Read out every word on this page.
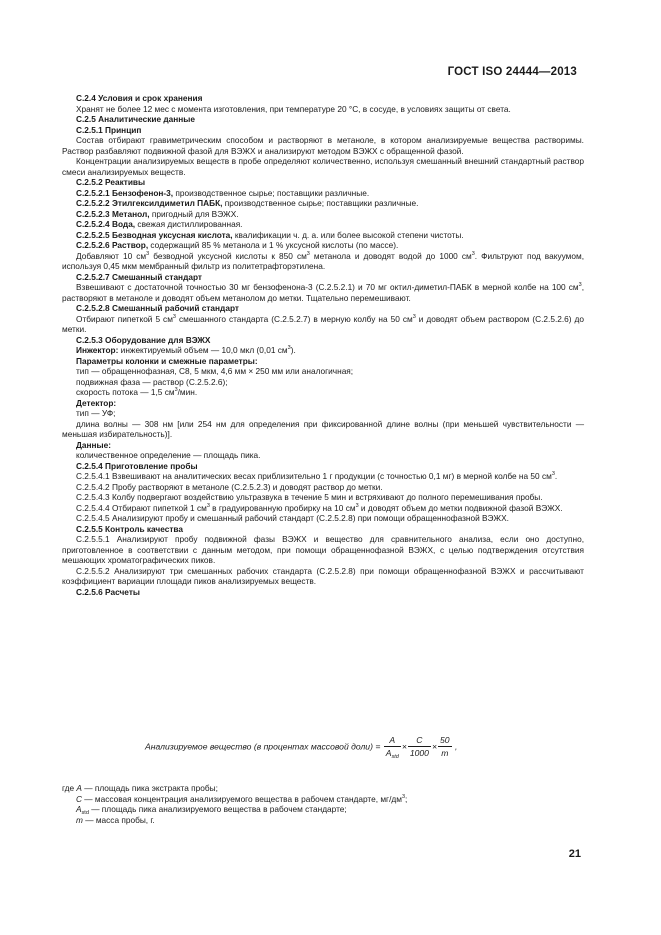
ГОСТ ISO 24444—2013

С.2.4 Условия и срок хранения

Хранят не более 12 мес с момента изготовления, при температуре 20 °С, в сосуде, в условиях защиты от света.

С.2.5 Аналитические данные

С.2.5.1 Принцип

Состав отбирают гравиметрическим способом и растворяют в метаноле, в котором анализируемые вещества растворимы. Раствор разбавляют подвижной фазой для ВЭЖХ и анализируют методом ВЭЖХ с обращенной фазой.

Концентрации анализируемых веществ в пробе определяют количественно, используя смешанный внешний стандартный раствор смеси анализируемых веществ.

С.2.5.2 Реактивы

С.2.5.2.1 Бензофенон-3, производственное сырье; поставщики различные.

С.2.5.2.2 Этилгексилдиметил ПАБК, производственное сырье; поставщики различные.

С.2.5.2.3 Метанол, пригодный для ВЭЖХ.

С.2.5.2.4 Вода, свежая дистиллированная.

С.2.5.2.5 Безводная уксусная кислота, квалификации ч. д. а. или более высокой степени чистоты.

С.2.5.2.6 Раствор, содержащий 85 % метанола и 1 % уксусной кислоты (по массе).

Добавляют 10 $см^3$ безводной уксусной кислоты к 850 $см^3$ метанола и доводят водой до 1000 $см^3$. Фильтруют под вакуумом, используя 0,45 мкм мембранный фильтр из политетрафторэтилена.

С.2.5.2.7 Смешанный стандарт

Взвешивают с достаточной точностью 30 мг бензофенона-3 (С.2.5.2.1) и 70 мг октил-диметил-ПАБК в мерной колбе на 100 $см^3$, растворяют в метаноле и доводят объем метанолом до метки. Тщательно перемешивают.

С.2.5.2.8 Смешанный рабочий стандарт

Отбирают пипеткой 5 $см^3$ смешанного стандарта (С.2.5.2.7) в мерную колбу на 50 $см^3$ и доводят объем раствором (С.2.5.2.6) до метки.

С.2.5.3 Оборудование для ВЭЖХ

Инжектор: инжектируемый объем — 10,0 мкл (0,01 $см^3$).

Параметры колонки и смежные параметры:

тип — обращеннофазная, С8, 5 мкм, 4,6 мм × 250 мм или аналогичная;

подвижная фаза — раствор (С.2.5.2.6);

скорость потока — 1,5 $см^3$/мин.

Детектор:

тип — УФ;

длина волны — 308 нм [или 254 нм для определения при фиксированной длине волны (при меньшей чувствительности — меньшая избирательность)].

Данные:

количественное определение — площадь пика.

С.2.5.4 Приготовление пробы

С.2.5.4.1 Взвешивают на аналитических весах приблизительно 1 г продукции (с точностью 0,1 мг) в мерной колбе на 50 $см^3$.

С.2.5.4.2 Пробу растворяют в метаноле (С.2.5.2.3) и доводят раствор до метки.

С.2.5.4.3 Колбу подвергают воздействию ультразвука в течение 5 мин и встряхивают до полного перемешивания пробы.

С.2.5.4.4 Отбирают пипеткой 1 $см^3$ в градуированную пробирку на 10 $см^3$ и доводят объем до метки подвижной фазой ВЭЖХ.

С.2.5.4.5 Анализируют пробу и смешанный рабочий стандарт (С.2.5.2.8) при помощи обращеннофазной ВЭЖХ.

С.2.5.5 Контроль качества

С.2.5.5.1 Анализируют пробу подвижной фазы ВЭЖХ и вещество для сравнительного анализа, если оно доступно, приготовленное в соответствии с данным методом, при помощи обращеннофазной ВЭЖХ, с целью подтверждения отсутствия мешающих хроматографических пиков.

С.2.5.5.2 Анализируют три смешанных рабочих стандарта (С.2.5.2.8) при помощи обращеннофазной ВЭЖХ и рассчитывают коэффициент вариации площади пиков анализируемых веществ.

С.2.5.6 Расчеты

Анализируемое вещество (в процентах массовой доли) = $\frac{A}{A_{std}} \times \frac{C}{1000} \times \frac{50}{m}$ ,

где А — площадь пика экстракта пробы;

С — массовая концентрация анализируемого вещества в рабочем стандарте, $мг/дм^3$;

$A_{std}$ — площадь пика анализируемого вещества в рабочем стандарте;

m — масса пробы, г.

21
